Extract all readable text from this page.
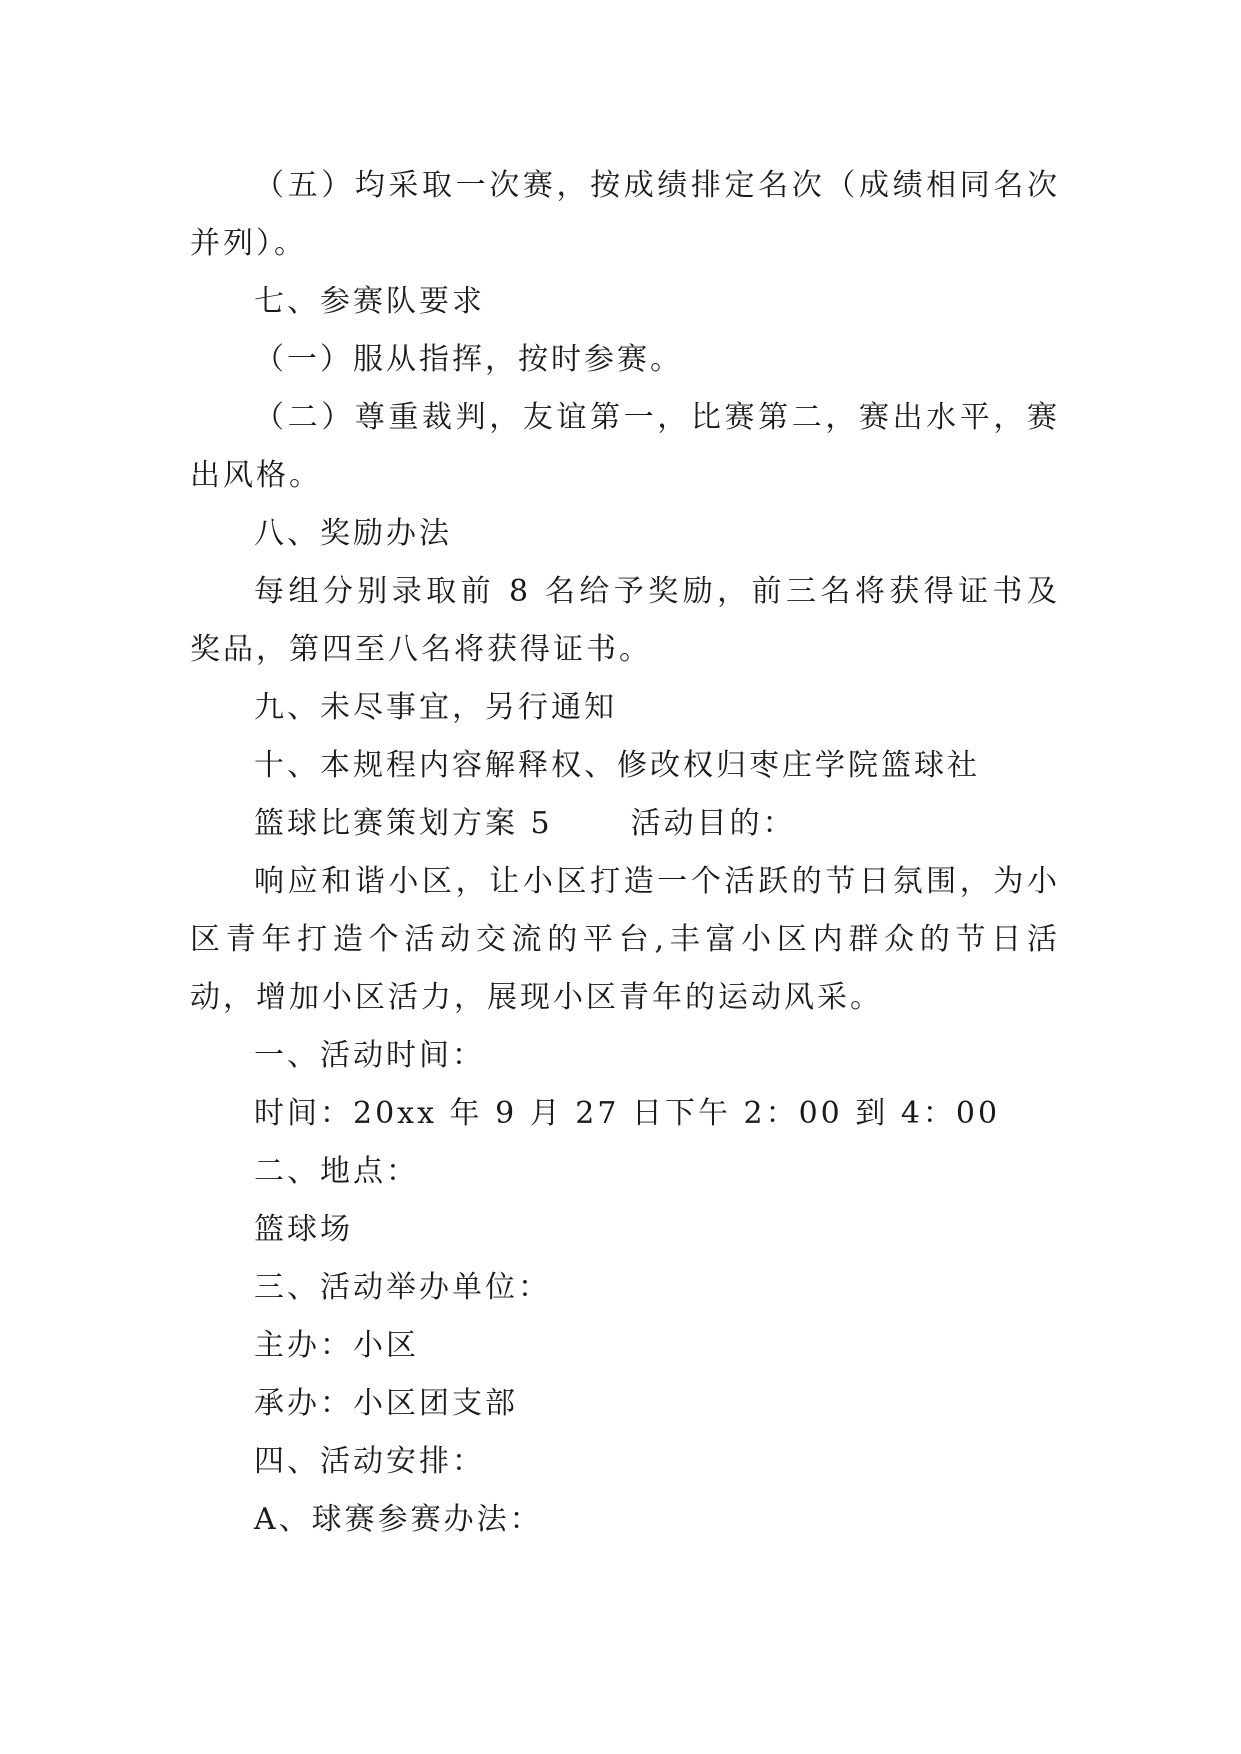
（五）均采取一次赛，按成绩排定名次（成绩相同名次并列）。

七、参赛队要求

（一）服从指挥，按时参赛。

（二）尊重裁判，友谊第一，比赛第二，赛出水平，赛出风格。

八、奖励办法

每组分别录取前 8 名给予奖励，前三名将获得证书及奖品，第四至八名将获得证书。

九、未尽事宜，另行通知

十、本规程内容解释权、修改权归枣庄学院篮球社

篮球比赛策划方案 5	活动目的：

响应和谐小区，让小区打造一个活跃的节日氛围，为小区青年打造个活动交流的平台,丰富小区内群众的节日活动，增加小区活力，展现小区青年的运动风采。

一、活动时间：

时间：20xx 年 9 月 27 日下午 2：00 到 4：00

二、地点：

篮球场

三、活动举办单位：

主办：小区

承办：小区团支部

四、活动安排：

A、球赛参赛办法：
